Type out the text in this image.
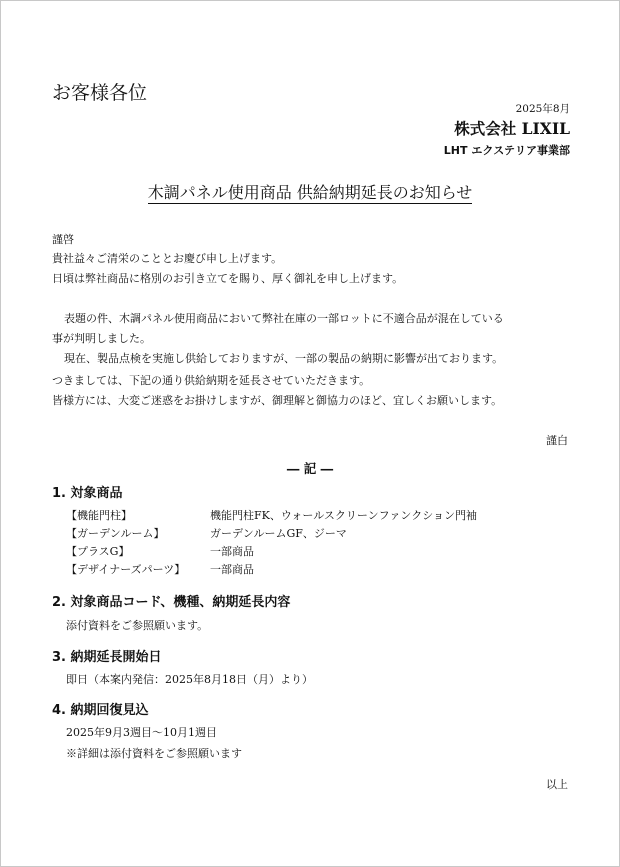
お客様各位
2025年8月
株式会社 LIXIL
LHT エクステリア事業部
木調パネル使用商品 供給納期延長のお知らせ
謹啓
貴社益々ご清栄のこととお慶び申し上げます。
日頃は弊社商品に格別のお引き立てを賜り、厚く御礼を申し上げます。
表題の件、木調パネル使用商品において弊社在庫の一部ロットに不適合品が混在している
事が判明しました。
現在、製品点検を実施し供給しておりますが、一部の製品の納期に影響が出ております。
つきましては、下記の通り供給納期を延長させていただきます。
皆様方には、大変ご迷惑をお掛けしますが、御理解と御協力のほど、宜しくお願いします。
謹白
― 記 ―
1. 対象商品
【機能門柱】	機能門柱FK、ウォールスクリーンファンクション門袖
【ガーデンルーム】	ガーデンルームGF、ジーマ
【プラスG】	一部商品
【デザイナーズパーツ】 一部商品
2. 対象商品コード、機種、納期延長内容
添付資料をご参照願います。
3. 納期延長開始日
即日（本案内発信：2025年8月18日（月）より）
4. 納期回復見込
2025年9月3週目～10月1週目
※詳細は添付資料をご参照願います
以上
